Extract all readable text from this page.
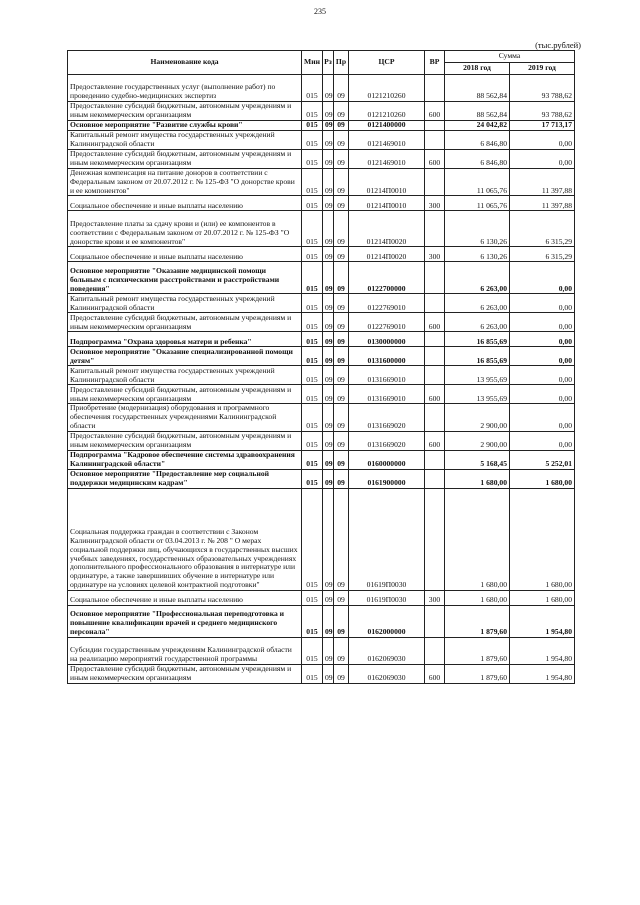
235
(тыс.рублей)
Наименование кода	Мин	Рз	Пр	ЦСР	ВР	Сумма	
						2018 год	2019 год
Предоставление государственных услуг (выполнение работ) по проведению судебно-медицинских экспертиз	015	09	09	0121210260		88 562,84	93 788,62
Предоставление субсидий бюджетным, автономным учреждениям и иным некоммерческим организациям	015	09	09	0121210260	600	88 562,84	93 788,62
Основное мероприятие "Развитие службы крови"	015	09	09	0121400000		24 042,82	17 713,17
Капитальный ремонт имущества государственных учреждений Калининградской области	015	09	09	0121469010		6 846,80	0,00
Предоставление субсидий бюджетным, автономным учреждениям и иным некоммерческим организациям	015	09	09	0121469010	600	6 846,80	0,00
Денежная компенсация на питание доноров в соответствии с Федеральным законом от 20.07.2012 г. № 125-ФЗ "О донорстве крови и ее компонентов"	015	09	09	01214П0010		11 065,76	11 397,88
Социальное обеспечение и иные выплаты населению	015	09	09	01214П0010	300	11 065,76	11 397,88
Предоставление платы за сдачу крови и (или) ее компонентов в соответствии с Федеральным законом от 20.07.2012 г. № 125-ФЗ "О донорстве крови и ее компонентов"	015	09	09	01214П0020		6 130,26	6 315,29
Социальное обеспечение и иные выплаты населению	015	09	09	01214П0020	300	6 130,26	6 315,29
Основное мероприятие "Оказание медицинской помощи больным с психическими расстройствами и расстройствами поведения"	015	09	09	0122700000		6 263,00	0,00
Капитальный ремонт имущества государственных учреждений Калининградской области	015	09	09	0122769010		6 263,00	0,00
Предоставление субсидий бюджетным, автономным учреждениям и иным некоммерческим организациям	015	09	09	0122769010	600	6 263,00	0,00
Подпрограмма "Охрана здоровья матери и ребенка"	015	09	09	0130000000		16 855,69	0,00
Основное мероприятие "Оказание специализированной помощи детям"	015	09	09	0131600000		16 855,69	0,00
Капитальный ремонт имущества государственных учреждений Калининградской области	015	09	09	0131669010		13 955,69	0,00
Предоставление субсидий бюджетным, автономным учреждениям и иным некоммерческим организациям	015	09	09	0131669010	600	13 955,69	0,00
Приобретение (модернизация) оборудования и программного обеспечения государственных учреждениями Калининградской области	015	09	09	0131669020		2 900,00	0,00
Предоставление субсидий бюджетным, автономным учреждениям и иным некоммерческим организациям	015	09	09	0131669020	600	2 900,00	0,00
Подпрограмма "Кадровое обеспечение системы здравоохранения Калининградской области"	015	09	09	0160000000		5 168,45	5 252,01
Основное мероприятие "Предоставление мер социальной поддержки медицинским кадрам"	015	09	09	0161900000		1 680,00	1 680,00
Социальная поддержка граждан в соответствии с Законом Калининградской области от 03.04.2013 г. № 208 " О мерах социальной поддержки лиц, обучающихся в государственных высших учебных заведениях, государственных образовательных учреждениях дополнительного профессионального образования в интернатуре или ординатуре, а также завершивших обучение в интернатуре или ординатуре на условиях целевой контрактной подготовки"	015	09	09	01619П0030		1 680,00	1 680,00
Социальное обеспечение и иные выплаты населению	015	09	09	01619П0030	300	1 680,00	1 680,00
Основное мероприятие "Профессиональная переподготовка и повышение квалификации врачей и среднего медицинского персонала"	015	09	09	0162000000		1 879,60	1 954,80
Субсидии государственным учреждениям Калининградской области на реализацию мероприятий государственной программы	015	09	09	0162069030		1 879,60	1 954,80
Предоставление субсидий бюджетным, автономным учреждениям и иным некоммерческим организациям	015	09	09	0162069030	600	1 879,60	1 954,80
